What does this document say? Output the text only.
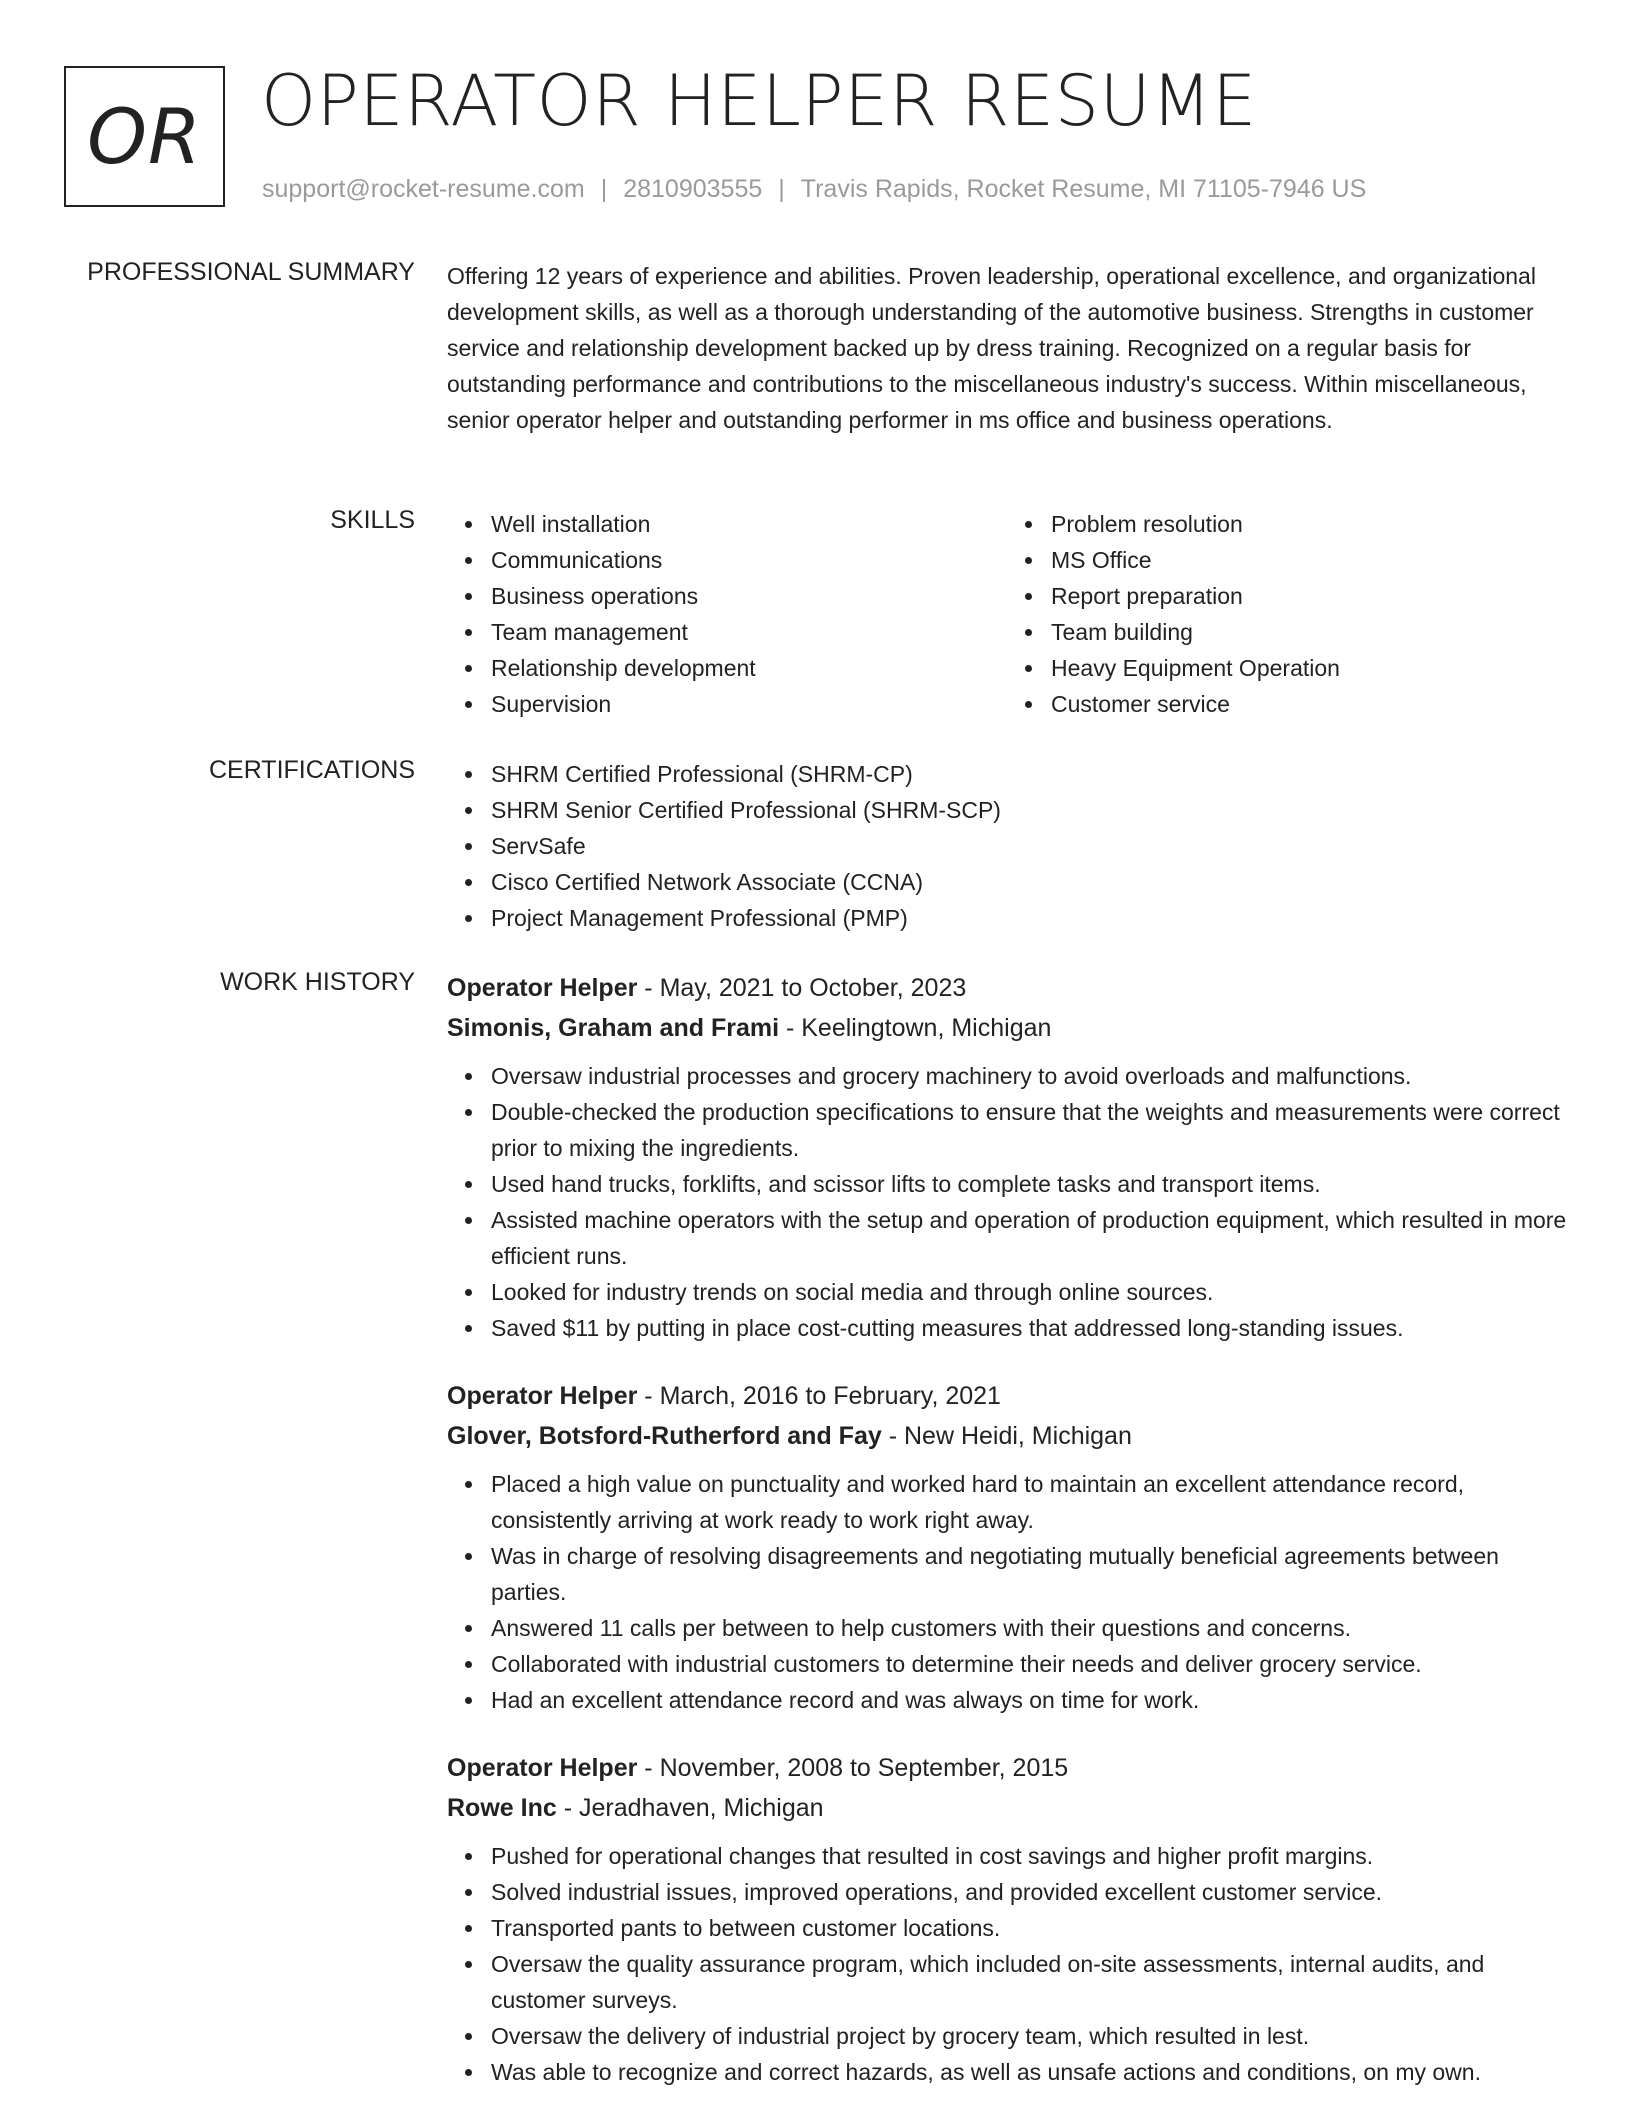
OR OPERATOR HELPER RESUME
support@rocket-resume.com | 2810903555 | Travis Rapids, Rocket Resume, MI 71105-7946 US
PROFESSIONAL SUMMARY Offering 12 years of experience and abilities. Proven leadership, operational excellence, and organizational development skills, as well as a thorough understanding of the automotive business. Strengths in customer service and relationship development backed up by dress training. Recognized on a regular basis for outstanding performance and contributions to the miscellaneous industry's success. Within miscellaneous, senior operator helper and outstanding performer in ms office and business operations.

SKILLS	Well installation
Communications
Business operations
Team management
Relationship development
Supervision
Problem resolution
MS Office
Report preparation
Team building
Heavy Equipment Operation
Customer service
CERTIFICATIONS	SHRM Certified Professional (SHRM-CP)
SHRM Senior Certified Professional (SHRM-SCP)
ServSafe
Cisco Certified Network Associate (CCNA)
Project Management Professional (PMP)
WORK HISTORY Operator Helper - May, 2021 to October, 2023
Simonis, Graham and Frami - Keelingtown, Michigan
Oversaw industrial processes and grocery machinery to avoid overloads and malfunctions.
Double-checked the production specifications to ensure that the weights and measurements were correct prior to mixing the ingredients.
Used hand trucks, forklifts, and scissor lifts to complete tasks and transport items.
Assisted machine operators with the setup and operation of production equipment, which resulted in more efficient runs.
Looked for industry trends on social media and through online sources.
Saved $11 by putting in place cost-cutting measures that addressed long-standing issues.
Operator Helper - March, 2016 to February, 2021
Glover, Botsford-Rutherford and Fay - New Heidi, Michigan
Placed a high value on punctuality and worked hard to maintain an excellent attendance record, consistently arriving at work ready to work right away.
Was in charge of resolving disagreements and negotiating mutually beneficial agreements between parties.
Answered 11 calls per between to help customers with their questions and concerns.
Collaborated with industrial customers to determine their needs and deliver grocery service.
Had an excellent attendance record and was always on time for work.
Operator Helper - November, 2008 to September, 2015
Rowe Inc - Jeradhaven, Michigan
Pushed for operational changes that resulted in cost savings and higher profit margins.
Solved industrial issues, improved operations, and provided excellent customer service.
Transported pants to between customer locations.
Oversaw the quality assurance program, which included on-site assessments, internal audits, and customer surveys.
Oversaw the delivery of industrial project by grocery team, which resulted in lest.
Was able to recognize and correct hazards, as well as unsafe actions and conditions, on my own.
